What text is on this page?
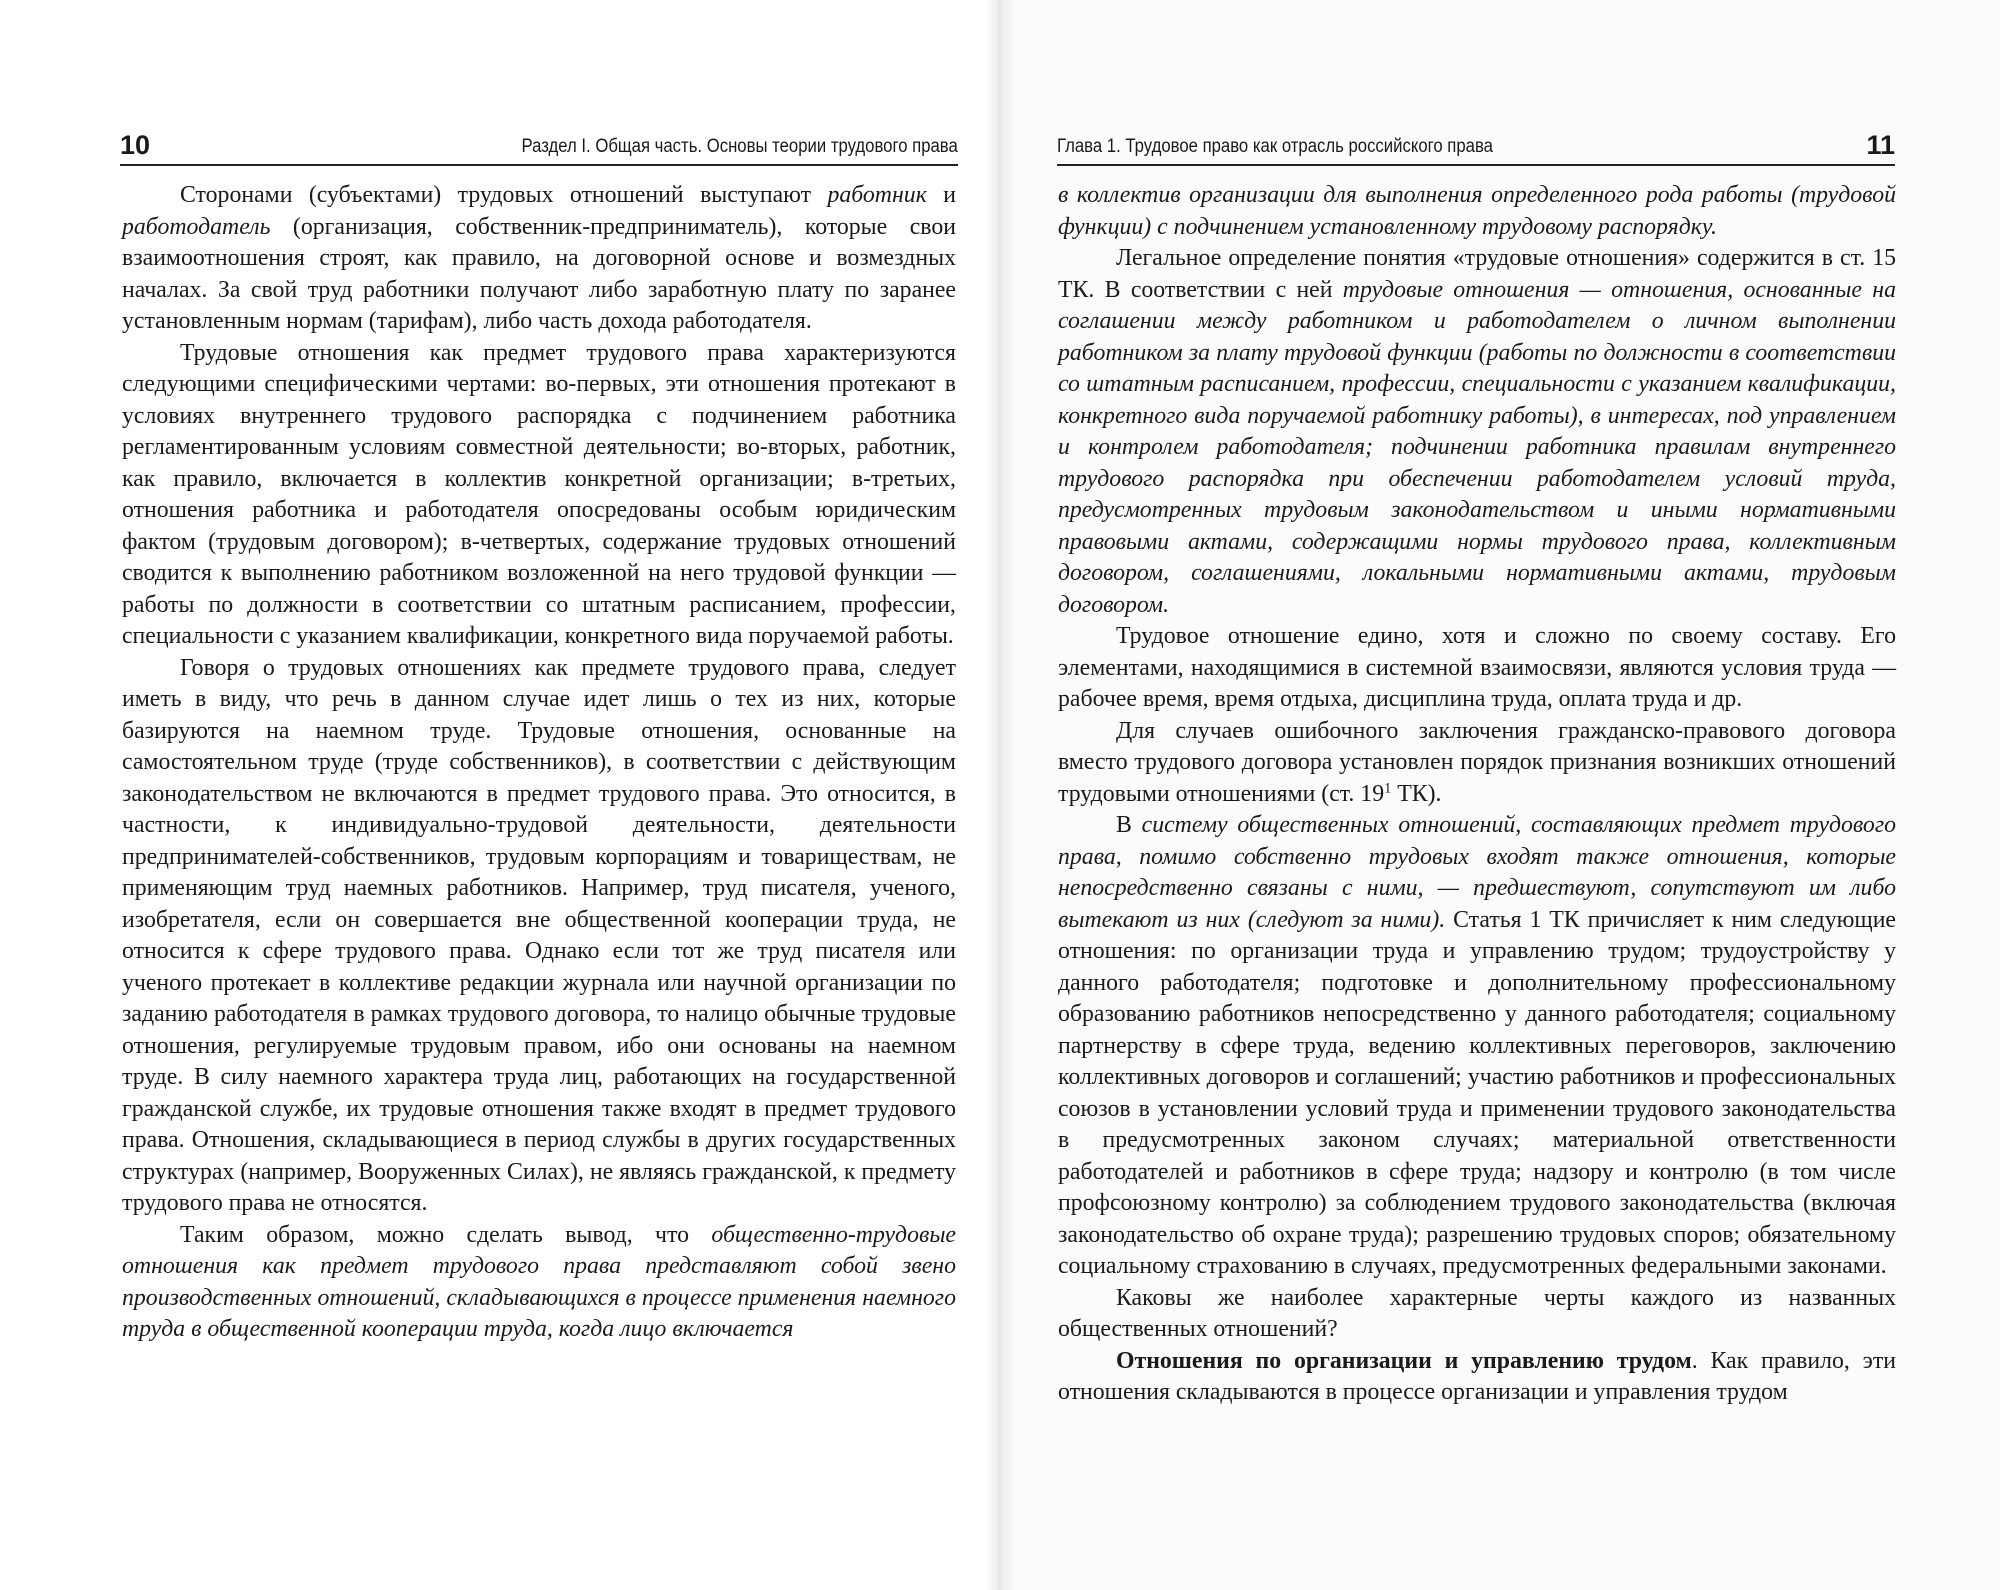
10	Раздел I. Общая часть. Основы теории трудового права

Сторонами (субъектами) трудовых отношений выступают работник и работодатель (организация, собственник-предприниматель), которые свои взаимоотношения строят, как правило, на договорной основе и возмездных началах. За свой труд работники получают либо заработную плату по заранее установленным нормам (тарифам), либо часть дохода работодателя.

Трудовые отношения как предмет трудового права характеризуются следующими специфическими чертами: во-первых, эти отношения протекают в условиях внутреннего трудового распорядка с подчинением работника регламентированным условиям совместной деятельности; во-вторых, работник, как правило, включается в коллектив конкретной организации; в-третьих, отношения работника и работодателя опосредованы особым юридическим фактом (трудовым договором); в-четвертых, содержание трудовых отношений сводится к выполнению работником возложенной на него трудовой функции — работы по должности в соответствии со штатным расписанием, профессии, специальности с указанием квалификации, конкретного вида поручаемой работы.

Говоря о трудовых отношениях как предмете трудового права, следует иметь в виду, что речь в данном случае идет лишь о тех из них, которые базируются на наемном труде. Трудовые отношения, основанные на самостоятельном труде (труде собственников), в соответствии с действующим законодательством не включаются в предмет трудового права. Это относится, в частности, к индивидуально-трудовой деятельности, деятельности предпринимателей-собственников, трудовым корпорациям и товариществам, не применяющим труд наемных работников. Например, труд писателя, ученого, изобретателя, если он совершается вне общественной кооперации труда, не относится к сфере трудового права. Однако если тот же труд писателя или ученого протекает в коллективе редакции журнала или научной организации по заданию работодателя в рамках трудового договора, то налицо обычные трудовые отношения, регулируемые трудовым правом, ибо они основаны на наемном труде. В силу наемного характера труда лиц, работающих на государственной гражданской службе, их трудовые отношения также входят в предмет трудового права. Отношения, складывающиеся в период службы в других государственных структурах (например, Вооруженных Силах), не являясь гражданской, к предмету трудового права не относятся.

Таким образом, можно сделать вывод, что общественно-трудовые отношения как предмет трудового права представляют собой звено производственных отношений, складывающихся в процессе применения наемного труда в общественной кооперации труда, когда лицо включается

Глава 1. Трудовое право как отрасль российского права	11

в коллектив организации для выполнения определенного рода работы (трудовой функции) с подчинением установленному трудовому распорядку.

Легальное определение понятия «трудовые отношения» содержится в ст. 15 ТК. В соответствии с ней трудовые отношения — отношения, основанные на соглашении между работником и работодателем о личном выполнении работником за плату трудовой функции (работы по должности в соответствии со штатным расписанием, профессии, специальности с указанием квалификации, конкретного вида поручаемой работнику работы), в интересах, под управлением и контролем работодателя; подчинении работника правилам внутреннего трудового распорядка при обеспечении работодателем условий труда, предусмотренных трудовым законодательством и иными нормативными правовыми актами, содержащими нормы трудового права, коллективным договором, соглашениями, локальными нормативными актами, трудовым договором.

Трудовое отношение едино, хотя и сложно по своему составу. Его элементами, находящимися в системной взаимосвязи, являются условия труда — рабочее время, время отдыха, дисциплина труда, оплата труда и др.

Для случаев ошибочного заключения гражданско-правового договора вместо трудового договора установлен порядок признания возникших отношений трудовыми отношениями (ст. $19^1$ ТК).

В систему общественных отношений, составляющих предмет трудового права, помимо собственно трудовых входят также отношения, которые непосредственно связаны с ними, — предшествуют, сопутствуют им либо вытекают из них (следуют за ними). Статья 1 ТК причисляет к ним следующие отношения: по организации труда и управлению трудом; трудоустройству у данного работодателя; подготовке и дополнительному профессиональному образованию работников непосредственно у данного работодателя; социальному партнерству в сфере труда, ведению коллективных переговоров, заключению коллективных договоров и соглашений; участию работников и профессиональных союзов в установлении условий труда и применении трудового законодательства в предусмотренных законом случаях; материальной ответственности работодателей и работников в сфере труда; надзору и контролю (в том числе профсоюзному контролю) за соблюдением трудового законодательства (включая законодательство об охране труда); разрешению трудовых споров; обязательному социальному страхованию в случаях, предусмотренных федеральными законами.

Каковы же наиболее характерные черты каждого из названных общественных отношений?

Отношения по организации и управлению трудом. Как правило, эти отношения складываются в процессе организации и управления трудом
